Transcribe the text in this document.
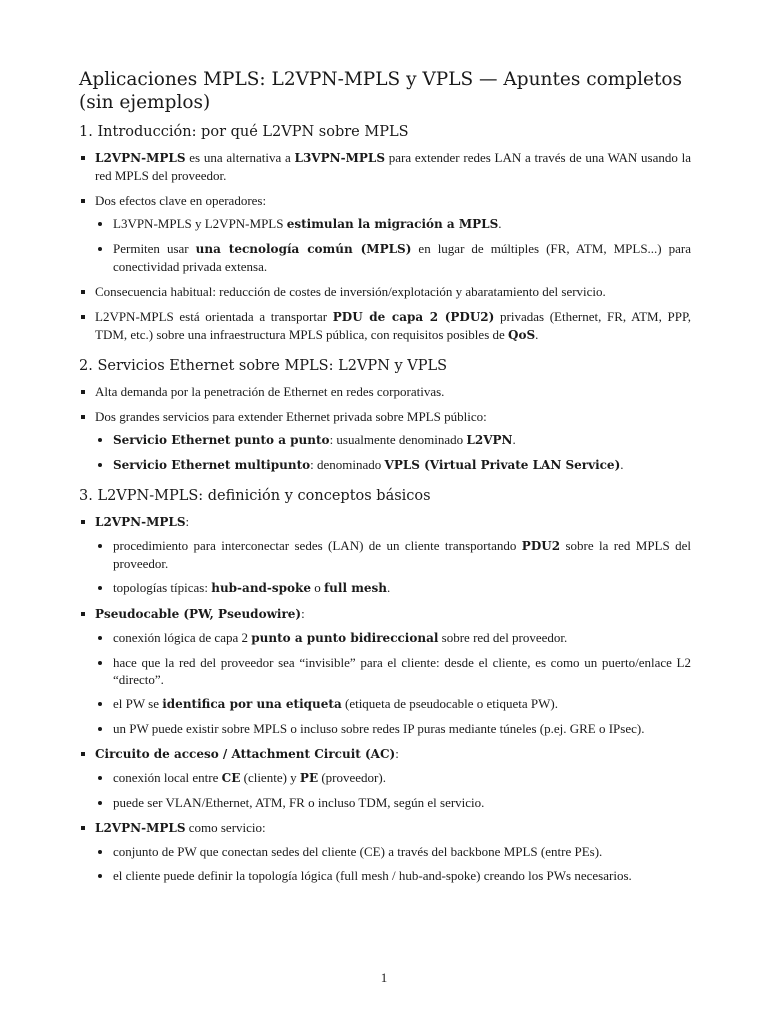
Aplicaciones MPLS: L2VPN-MPLS y VPLS — Apuntes completos (sin ejemplos)
1. Introducción: por qué L2VPN sobre MPLS
L2VPN-MPLS es una alternativa a L3VPN-MPLS para extender redes LAN a través de una WAN usando la red MPLS del proveedor.
Dos efectos clave en operadores:
L3VPN-MPLS y L2VPN-MPLS estimulan la migración a MPLS.
Permiten usar una tecnología común (MPLS) en lugar de múltiples (FR, ATM, MPLS...) para conectividad privada extensa.
Consecuencia habitual: reducción de costes de inversión/explotación y abaratamiento del servicio.
L2VPN-MPLS está orientada a transportar PDU de capa 2 (PDU2) privadas (Ethernet, FR, ATM, PPP, TDM, etc.) sobre una infraestructura MPLS pública, con requisitos posibles de QoS.
2. Servicios Ethernet sobre MPLS: L2VPN y VPLS
Alta demanda por la penetración de Ethernet en redes corporativas.
Dos grandes servicios para extender Ethernet privada sobre MPLS público:
Servicio Ethernet punto a punto: usualmente denominado L2VPN.
Servicio Ethernet multipunto: denominado VPLS (Virtual Private LAN Service).
3. L2VPN-MPLS: definición y conceptos básicos
L2VPN-MPLS:
procedimiento para interconectar sedes (LAN) de un cliente transportando PDU2 sobre la red MPLS del proveedor.
topologías típicas: hub-and-spoke o full mesh.
Pseudocable (PW, Pseudowire):
conexión lógica de capa 2 punto a punto bidireccional sobre red del proveedor.
hace que la red del proveedor sea “invisible” para el cliente: desde el cliente, es como un puerto/enlace L2 “directo”.
el PW se identifica por una etiqueta (etiqueta de pseudocable o etiqueta PW).
un PW puede existir sobre MPLS o incluso sobre redes IP puras mediante túneles (p.ej. GRE o IPsec).
Circuito de acceso / Attachment Circuit (AC):
conexión local entre CE (cliente) y PE (proveedor).
puede ser VLAN/Ethernet, ATM, FR o incluso TDM, según el servicio.
L2VPN-MPLS como servicio:
conjunto de PW que conectan sedes del cliente (CE) a través del backbone MPLS (entre PEs).
el cliente puede definir la topología lógica (full mesh / hub-and-spoke) creando los PWs necesarios.
1
